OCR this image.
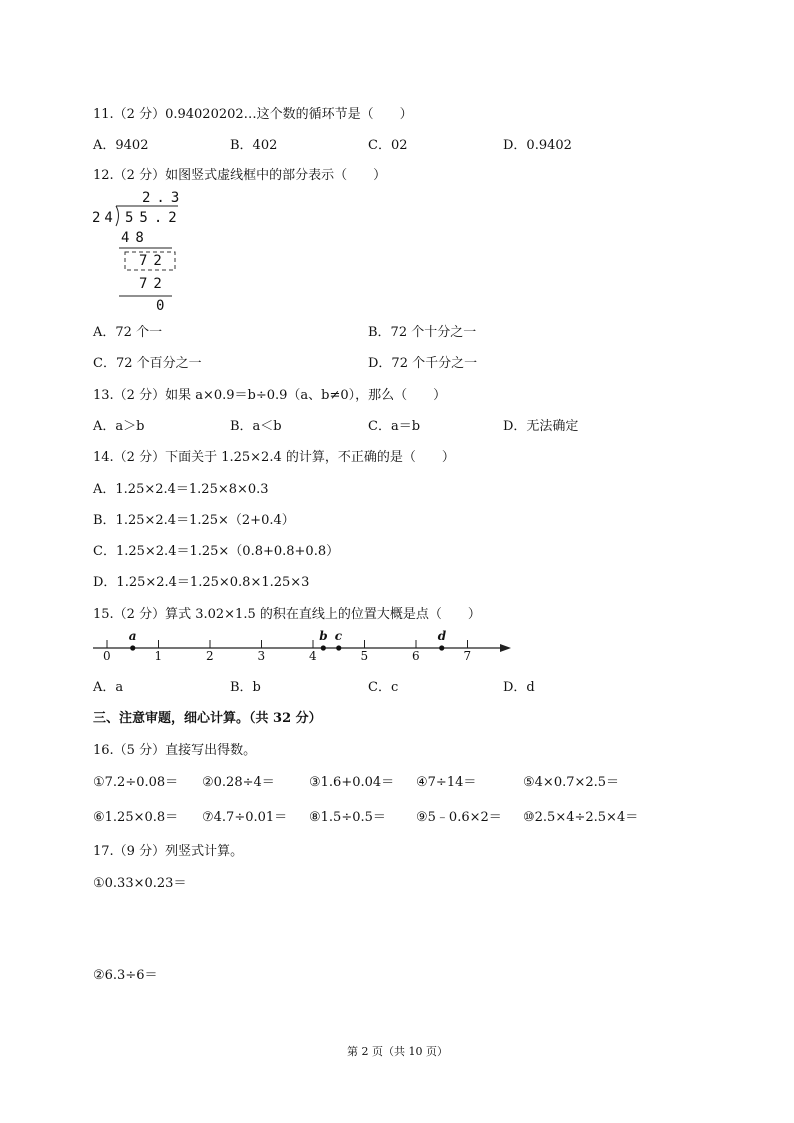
11.（2 分）0.94020202…这个数的循环节是（　　）
A．9402	B．402	C．02	D．0.9402
12.（2 分）如图竖式虚线框中的部分表示（　　）
2.3
24 55.2
48
72
72
0
A．72 个一	B．72 个十分之一
C．72 个百分之一	D．72 个千分之一
13.（2 分）如果 a×0.9＝b÷0.9（a、b≠0），那么（　　）
A．a＞b	B．a＜b	C．a＝b	D．无法确定
14.（2 分）下面关于 1.25×2.4 的计算，不正确的是（　　）
A．1.25×2.4＝1.25×8×0.3
B．1.25×2.4＝1.25×（2+0.4）
C．1.25×2.4＝1.25×（0.8+0.8+0.8）
D．1.25×2.4＝1.25×0.8×1.25×3
15.（2 分）算式 3.02×1.5 的积在直线上的位置大概是点（　　）
0	1	2	3	4	5	6	7
a	b c	d
A．a	B．b	C．c	D．d
三、注意审题，细心计算。（共 32 分）
16.（5 分）直接写出得数。
①7.2÷0.08＝ ②0.28÷4＝	③1.6+0.04＝ ④7÷14＝	⑤4×0.7×2.5＝
⑥1.25×0.8＝ ⑦4.7÷0.01＝ ⑧1.5÷0.5＝ ⑨5﹣0.6×2＝ ⑩2.5×4÷2.5×4＝
17.（9 分）列竖式计算。
①0.33×0.23＝
②6.3÷6＝
第 2 页（共 10 页）
